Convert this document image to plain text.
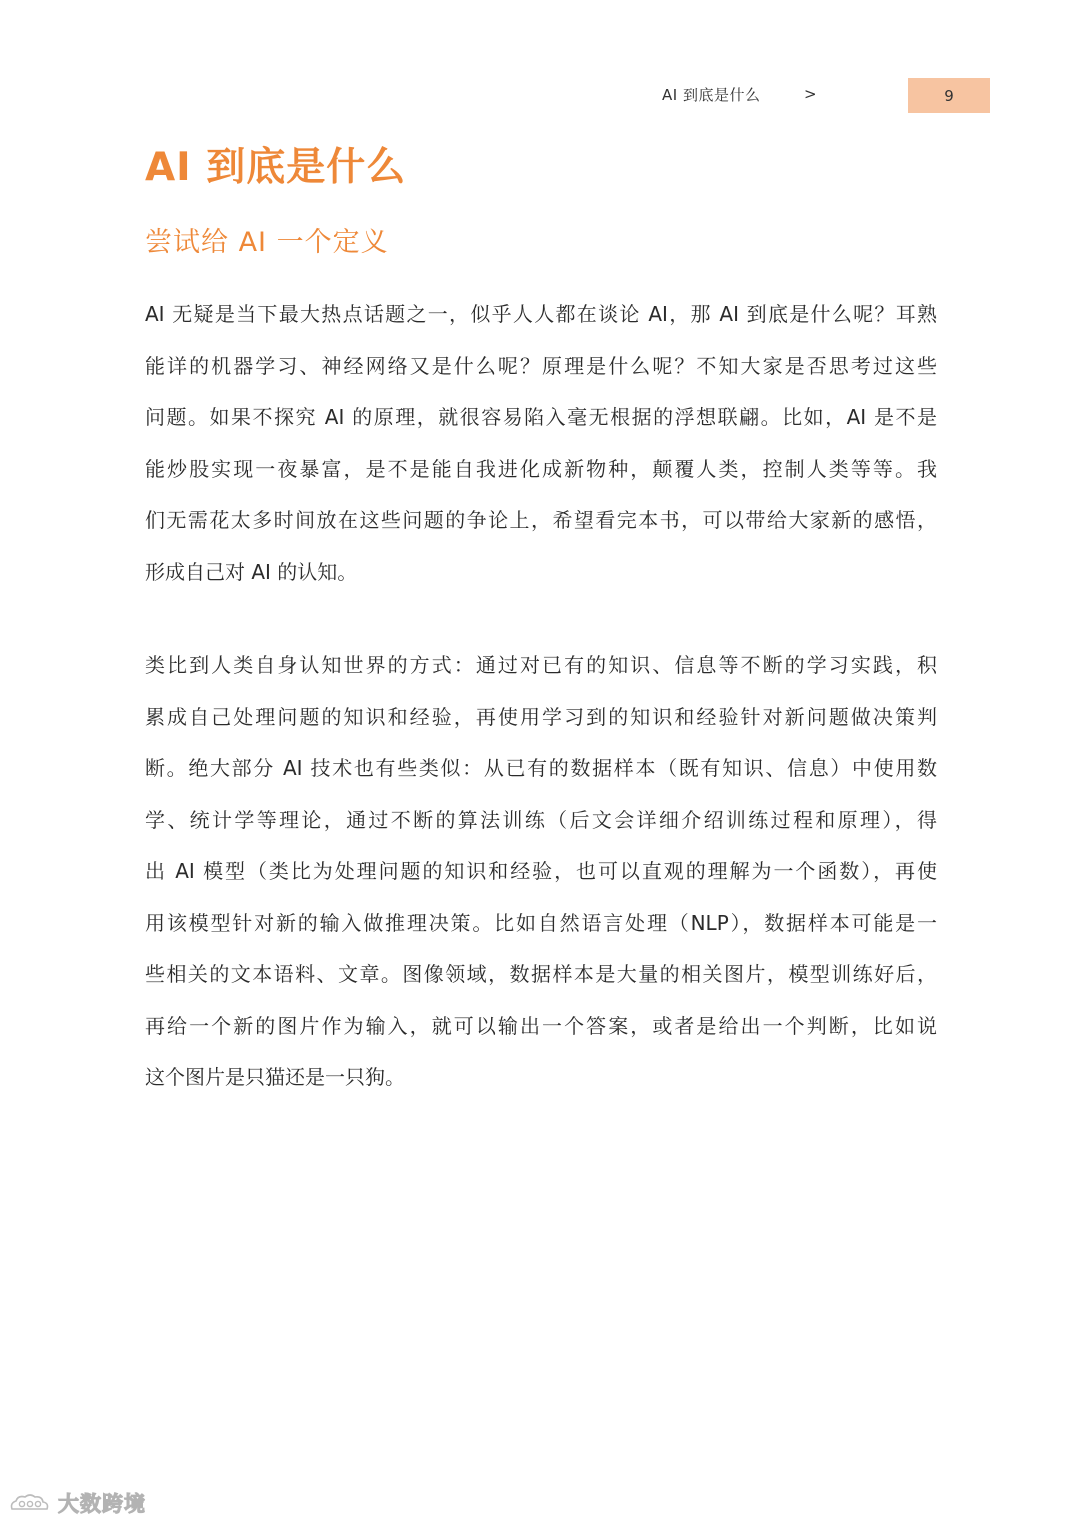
AI 到底是什么	>	9
AI 到底是什么
尝试给 AI 一个定义
AI 无疑是当下最大热点话题之一，似乎人人都在谈论 AI，那 AI 到底是什么呢？耳熟
能详的机器学习、神经网络又是什么呢？原理是什么呢？不知大家是否思考过这些
问题。如果不探究 AI 的原理，就很容易陷入毫无根据的浮想联翩。比如，AI 是不是
能炒股实现一夜暴富，是不是能自我进化成新物种，颠覆人类，控制人类等等。我
们无需花太多时间放在这些问题的争论上，希望看完本书，可以带给大家新的感悟，
形成自己对 AI 的认知。
类比到人类自身认知世界的方式：通过对已有的知识、信息等不断的学习实践，积
累成自己处理问题的知识和经验，再使用学习到的知识和经验针对新问题做决策判
断。绝大部分 AI 技术也有些类似：从已有的数据样本（既有知识、信息）中使用数
学、统计学等理论，通过不断的算法训练（后文会详细介绍训练过程和原理），得
出 AI 模型（类比为处理问题的知识和经验，也可以直观的理解为一个函数），再使
用该模型针对新的输入做推理决策。比如自然语言处理（NLP），数据样本可能是一
些相关的文本语料、文章。图像领域，数据样本是大量的相关图片，模型训练好后，
再给一个新的图片作为输入，就可以输出一个答案，或者是给出一个判断，比如说
这个图片是只猫还是一只狗。
大数跨境
